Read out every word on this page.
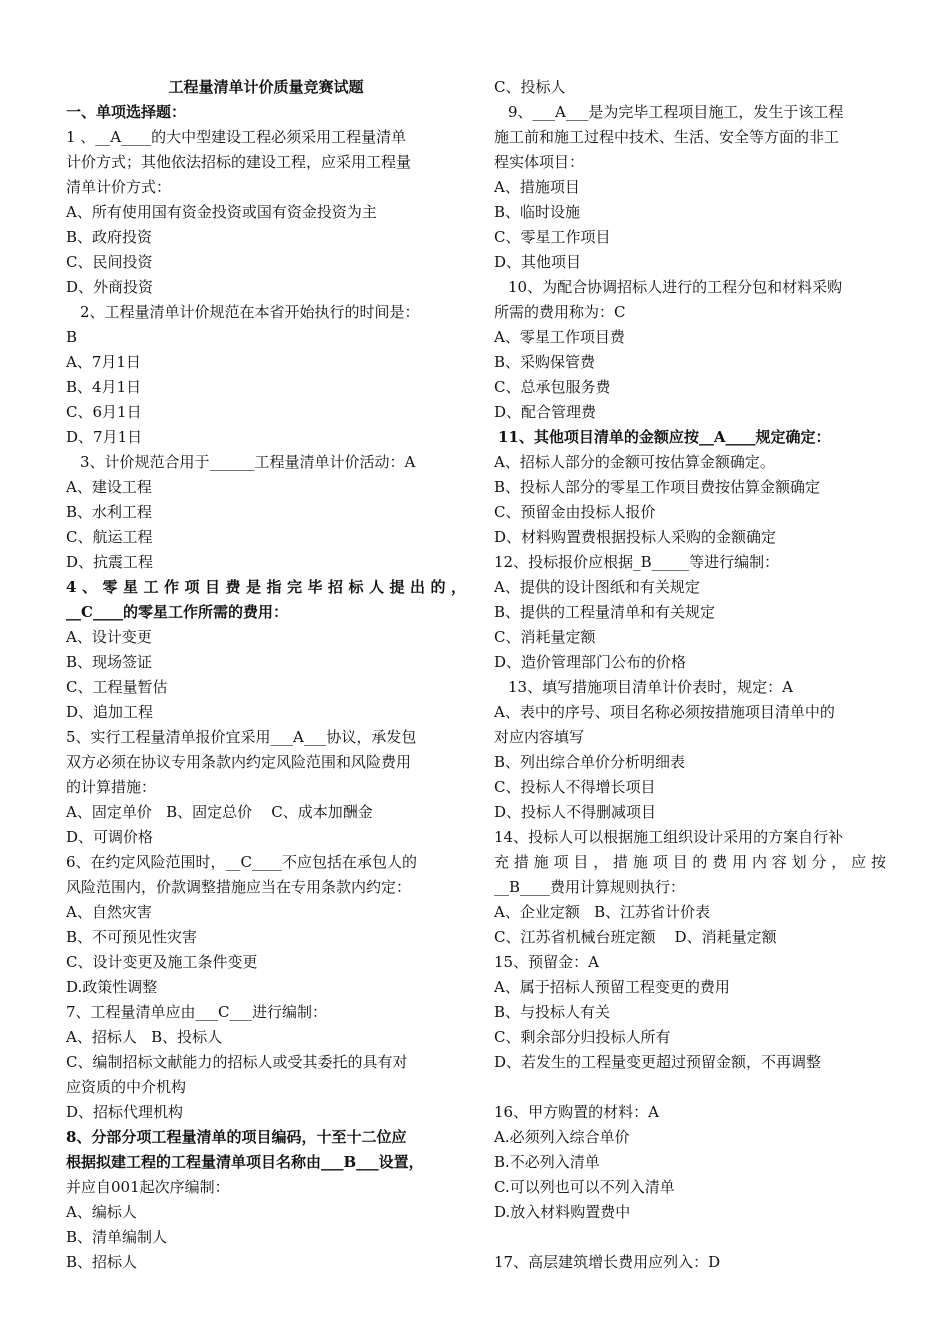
工程量清单计价质量竞赛试题
一、单项选择题：
1 、__A____的大中型建设工程必须采用工程量清单
计价方式；其他依法招标的建设工程，应采用工程量
清单计价方式：
A、所有使用国有资金投资或国有资金投资为主
B、政府投资
C、民间投资
D、外商投资
2、工程量清单计价规范在本省开始执行的时间是：
B
A、7月1日
B、4月1日
C、6月1日
D、7月1日
3、计价规范合用于______工程量清单计价活动：A
A、建设工程
B、水利工程
C、航运工程
D、抗震工程
4、零星工作项目费是指完毕招标人提出的，
__C____的零星工作所需的费用：
A、设计变更
B、现场签证
C、工程量暂估
D、追加工程
5、实行工程量清单报价宜采用___A___协议，承发包
双方必须在协议专用条款内约定风险范围和风险费用
的计算措施：
A、固定单价   B、固定总价    C、成本加酬金
D、可调价格
6、在约定风险范围时，__C____不应包括在承包人的
风险范围内，价款调整措施应当在专用条款内约定：
A、自然灾害
B、不可预见性灾害
C、设计变更及施工条件变更
D.政策性调整
7、工程量清单应由___C___进行编制：
A、招标人   B、投标人
C、编制招标文献能力的招标人或受其委托的具有对
应资质的中介机构
D、招标代理机构
8、分部分项工程量清单的项目编码，十至十二位应
根据拟建工程的工程量清单项目名称由___B___设置，
并应自001起次序编制：
A、编标人
B、清单编制人
B、招标人
C、投标人
9、___A___是为完毕工程项目施工，发生于该工程
施工前和施工过程中技术、生活、安全等方面的非工
程实体项目：
A、措施项目
B、临时设施
C、零星工作项目
D、其他项目
10、为配合协调招标人进行的工程分包和材料采购
所需的费用称为：C
A、零星工作项目费
B、采购保管费
C、总承包服务费
D、配合管理费
11、其他项目清单的金额应按__A____规定确定：
A、招标人部分的金额可按估算金额确定。
B、投标人部分的零星工作项目费按估算金额确定
C、预留金由投标人报价
D、材料购置费根据投标人采购的金额确定
12、投标报价应根据_B_____等进行编制：
A、提供的设计图纸和有关规定
B、提供的工程量清单和有关规定
C、消耗量定额
D、造价管理部门公布的价格
13、填写措施项目清单计价表时，规定：A
A、表中的序号、项目名称必须按措施项目清单中的
对应内容填写
B、列出综合单价分析明细表
C、投标人不得增长项目
D、投标人不得删减项目
14、投标人可以根据施工组织设计采用的方案自行补
充措施项目，措施项目的费用内容划分，应按
__B____费用计算规则执行：
A、企业定额   B、江苏省计价表
C、江苏省机械台班定额    D、消耗量定额
15、预留金：A
A、属于招标人预留工程变更的费用
B、与投标人有关
C、剩余部分归投标人所有
D、若发生的工程量变更超过预留金额，不再调整
16、甲方购置的材料：A
A.必须列入综合单价
B.不必列入清单
C.可以列也可以不列入清单
D.放入材料购置费中
17、高层建筑增长费用应列入：D
